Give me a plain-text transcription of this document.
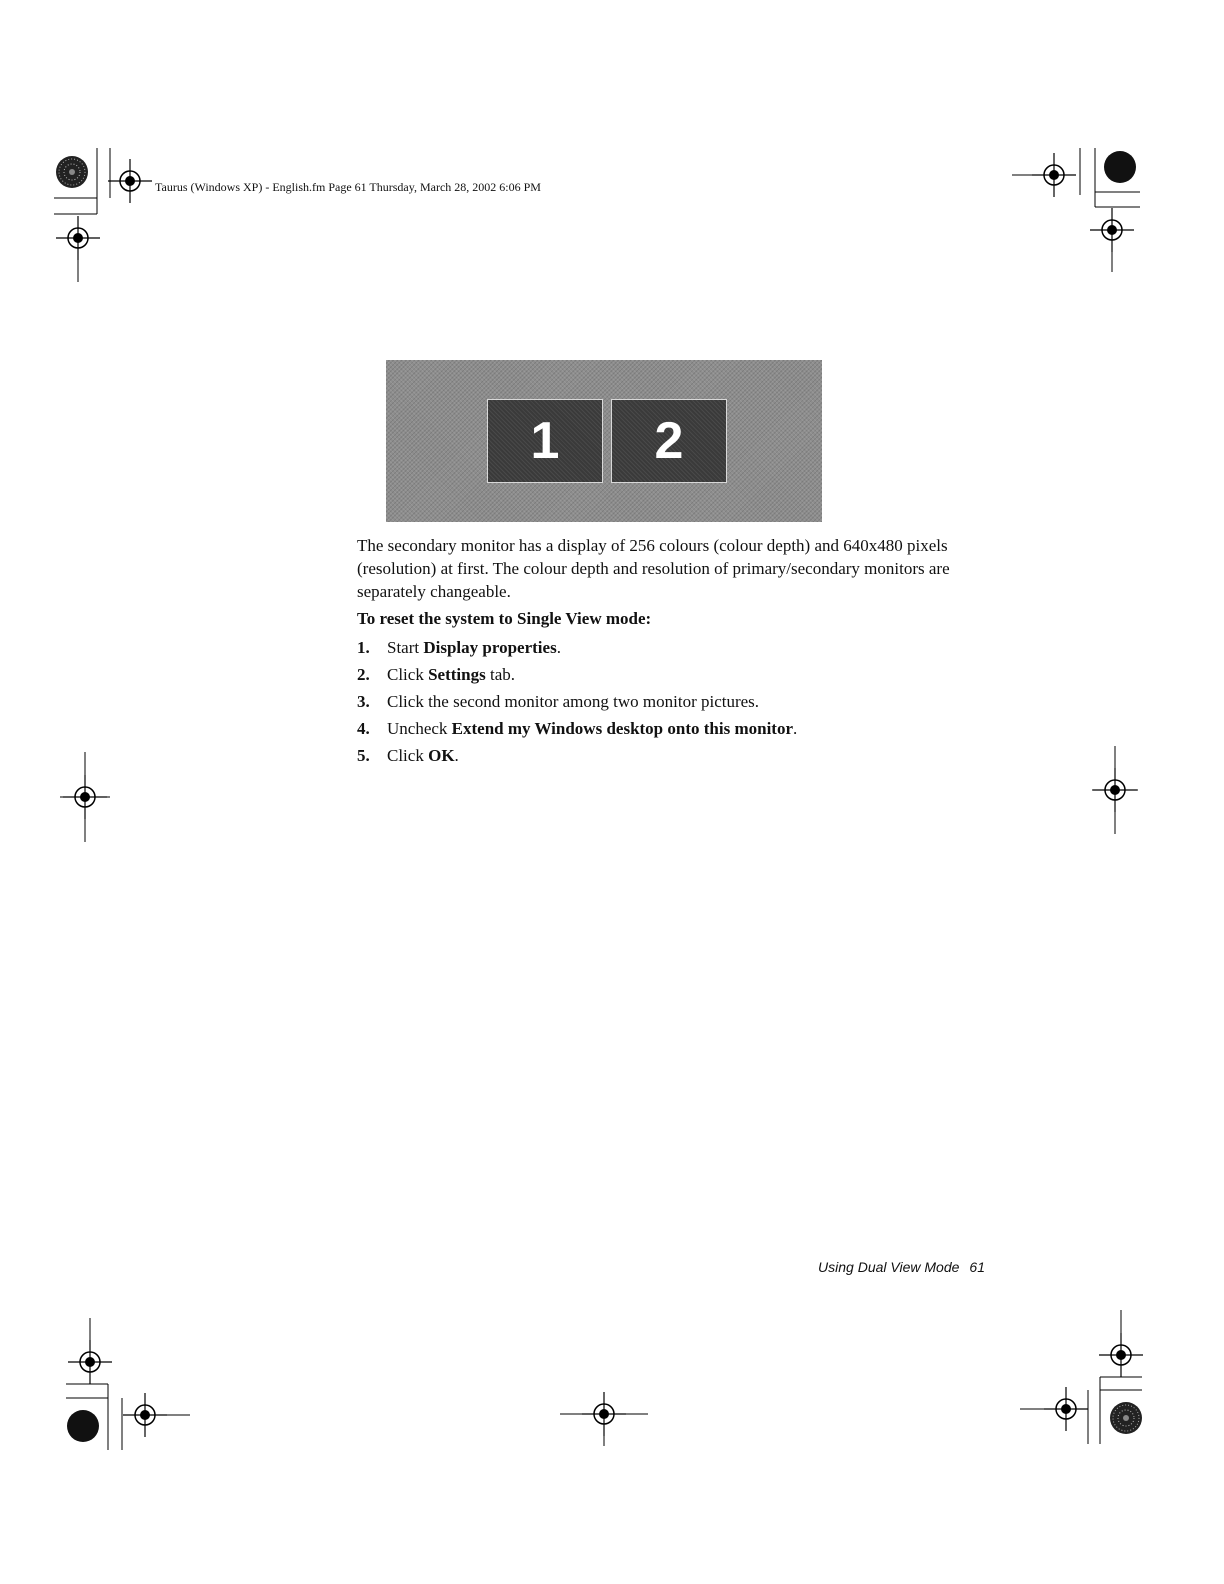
Taurus (Windows XP) - English.fm Page 61 Thursday, March 28, 2002 6:06 PM
1	2

The secondary monitor has a display of 256 colours (colour depth) and 640x480 pixels (resolution) at first. The colour depth and resolution of primary/secondary monitors are separately changeable.

To reset the system to Single View mode:

1.	Start Display properties.
2.	Click Settings tab.
3.	Click the second monitor among two monitor pictures.
4.	Uncheck Extend my Windows desktop onto this monitor.
5.	Click OK.
Using Dual View Mode 61
